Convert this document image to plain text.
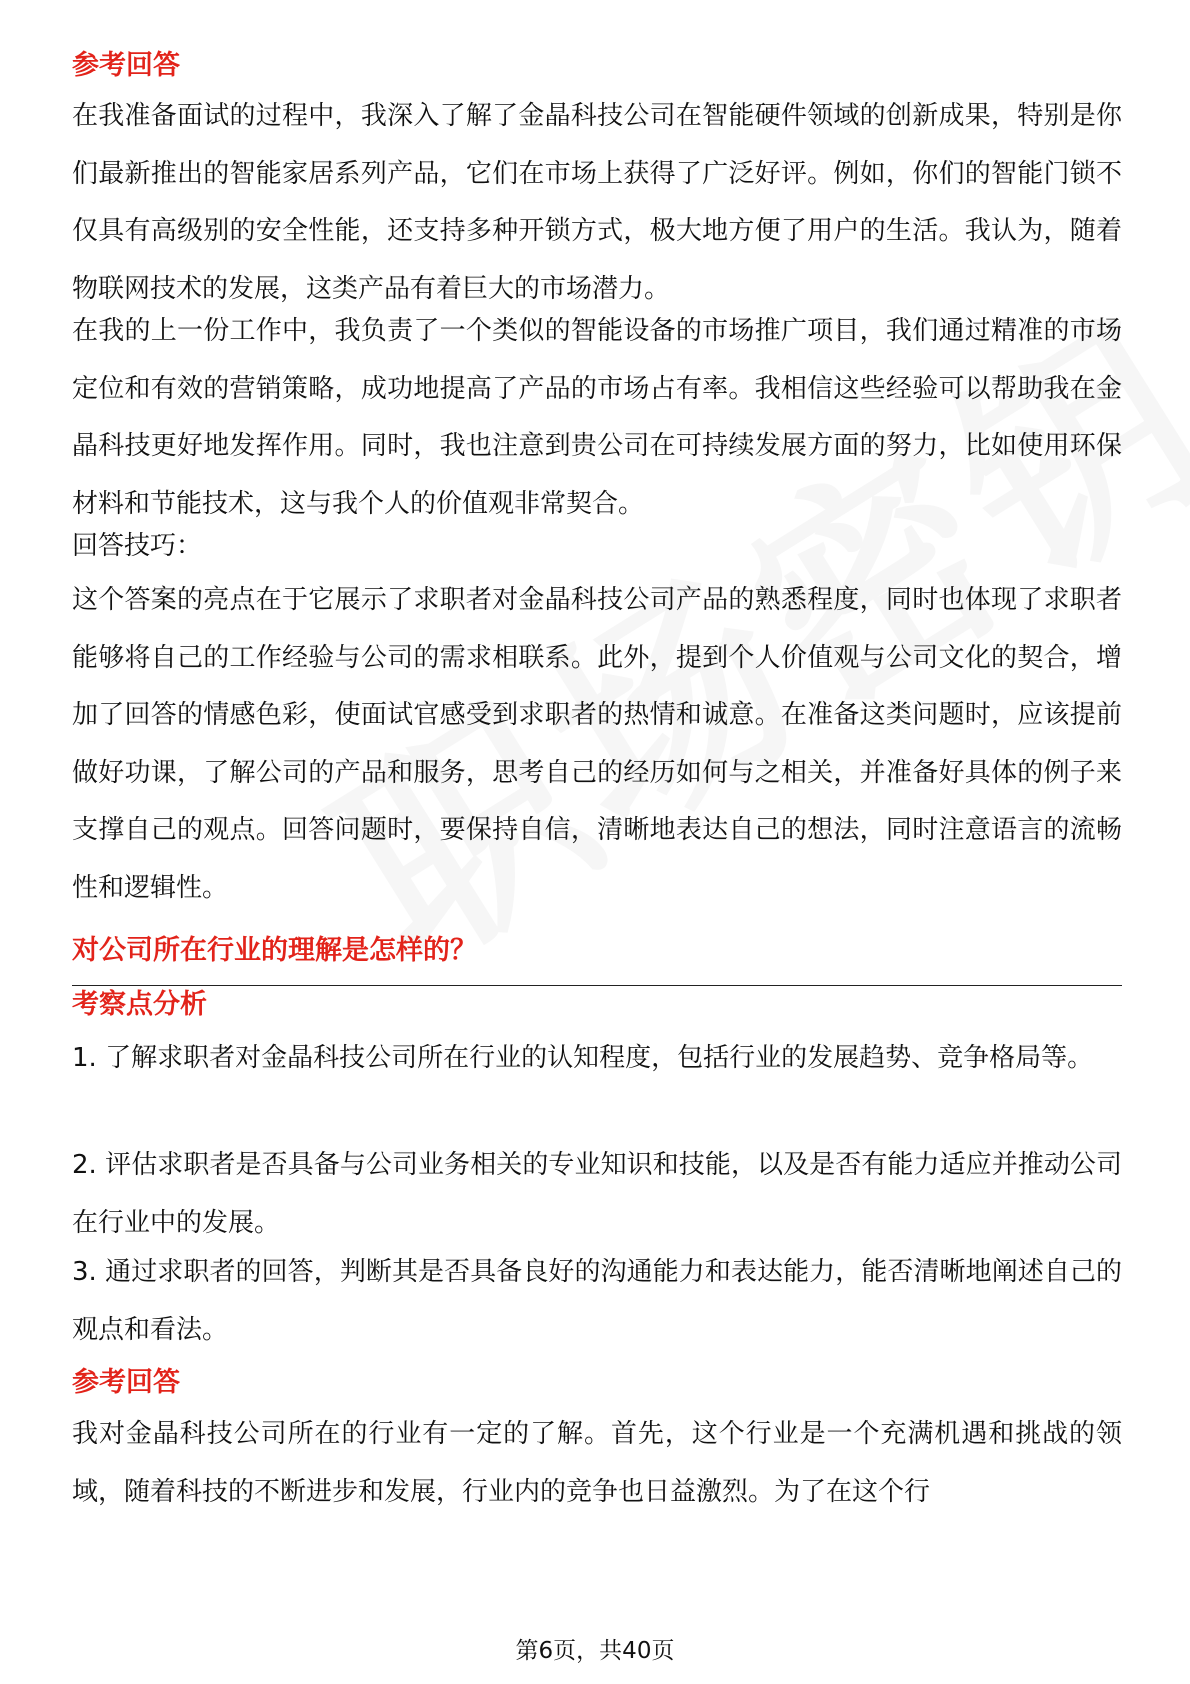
参考回答

在我准备面试的过程中，我深入了解了金晶科技公司在智能硬件领域的创新成果，特别是你们最新推出的智能家居系列产品，它们在市场上获得了广泛好评。例如，你们的智能门锁不仅具有高级别的安全性能，还支持多种开锁方式，极大地方便了用户的生活。我认为，随着物联网技术的发展，这类产品有着巨大的市场潜力。

在我的上一份工作中，我负责了一个类似的智能设备的市场推广项目，我们通过精准的市场定位和有效的营销策略，成功地提高了产品的市场占有率。我相信这些经验可以帮助我在金晶科技更好地发挥作用。同时，我也注意到贵公司在可持续发展方面的努力，比如使用环保材料和节能技术，这与我个人的价值观非常契合。

回答技巧：

这个答案的亮点在于它展示了求职者对金晶科技公司产品的熟悉程度，同时也体现了求职者能够将自己的工作经验与公司的需求相联系。此外，提到个人价值观与公司文化的契合，增加了回答的情感色彩，使面试官感受到求职者的热情和诚意。在准备这类问题时，应该提前做好功课，了解公司的产品和服务，思考自己的经历如何与之相关，并准备好具体的例子来支撑自己的观点。回答问题时，要保持自信，清晰地表达自己的想法，同时注意语言的流畅性和逻辑性。

对公司所在行业的理解是怎样的？
考察点分析

1. 了解求职者对金晶科技公司所在行业的认知程度，包括行业的发展趋势、竞争格局等。

2. 评估求职者是否具备与公司业务相关的专业知识和技能，以及是否有能力适应并推动公司在行业中的发展。

3. 通过求职者的回答，判断其是否具备良好的沟通能力和表达能力，能否清晰地阐述自己的观点和看法。

参考回答

我对金晶科技公司所在的行业有一定的了解。首先，这个行业是一个充满机遇和挑战的领域，随着科技的不断进步和发展，行业内的竞争也日益激烈。为了在这个行

第6页，共40页
